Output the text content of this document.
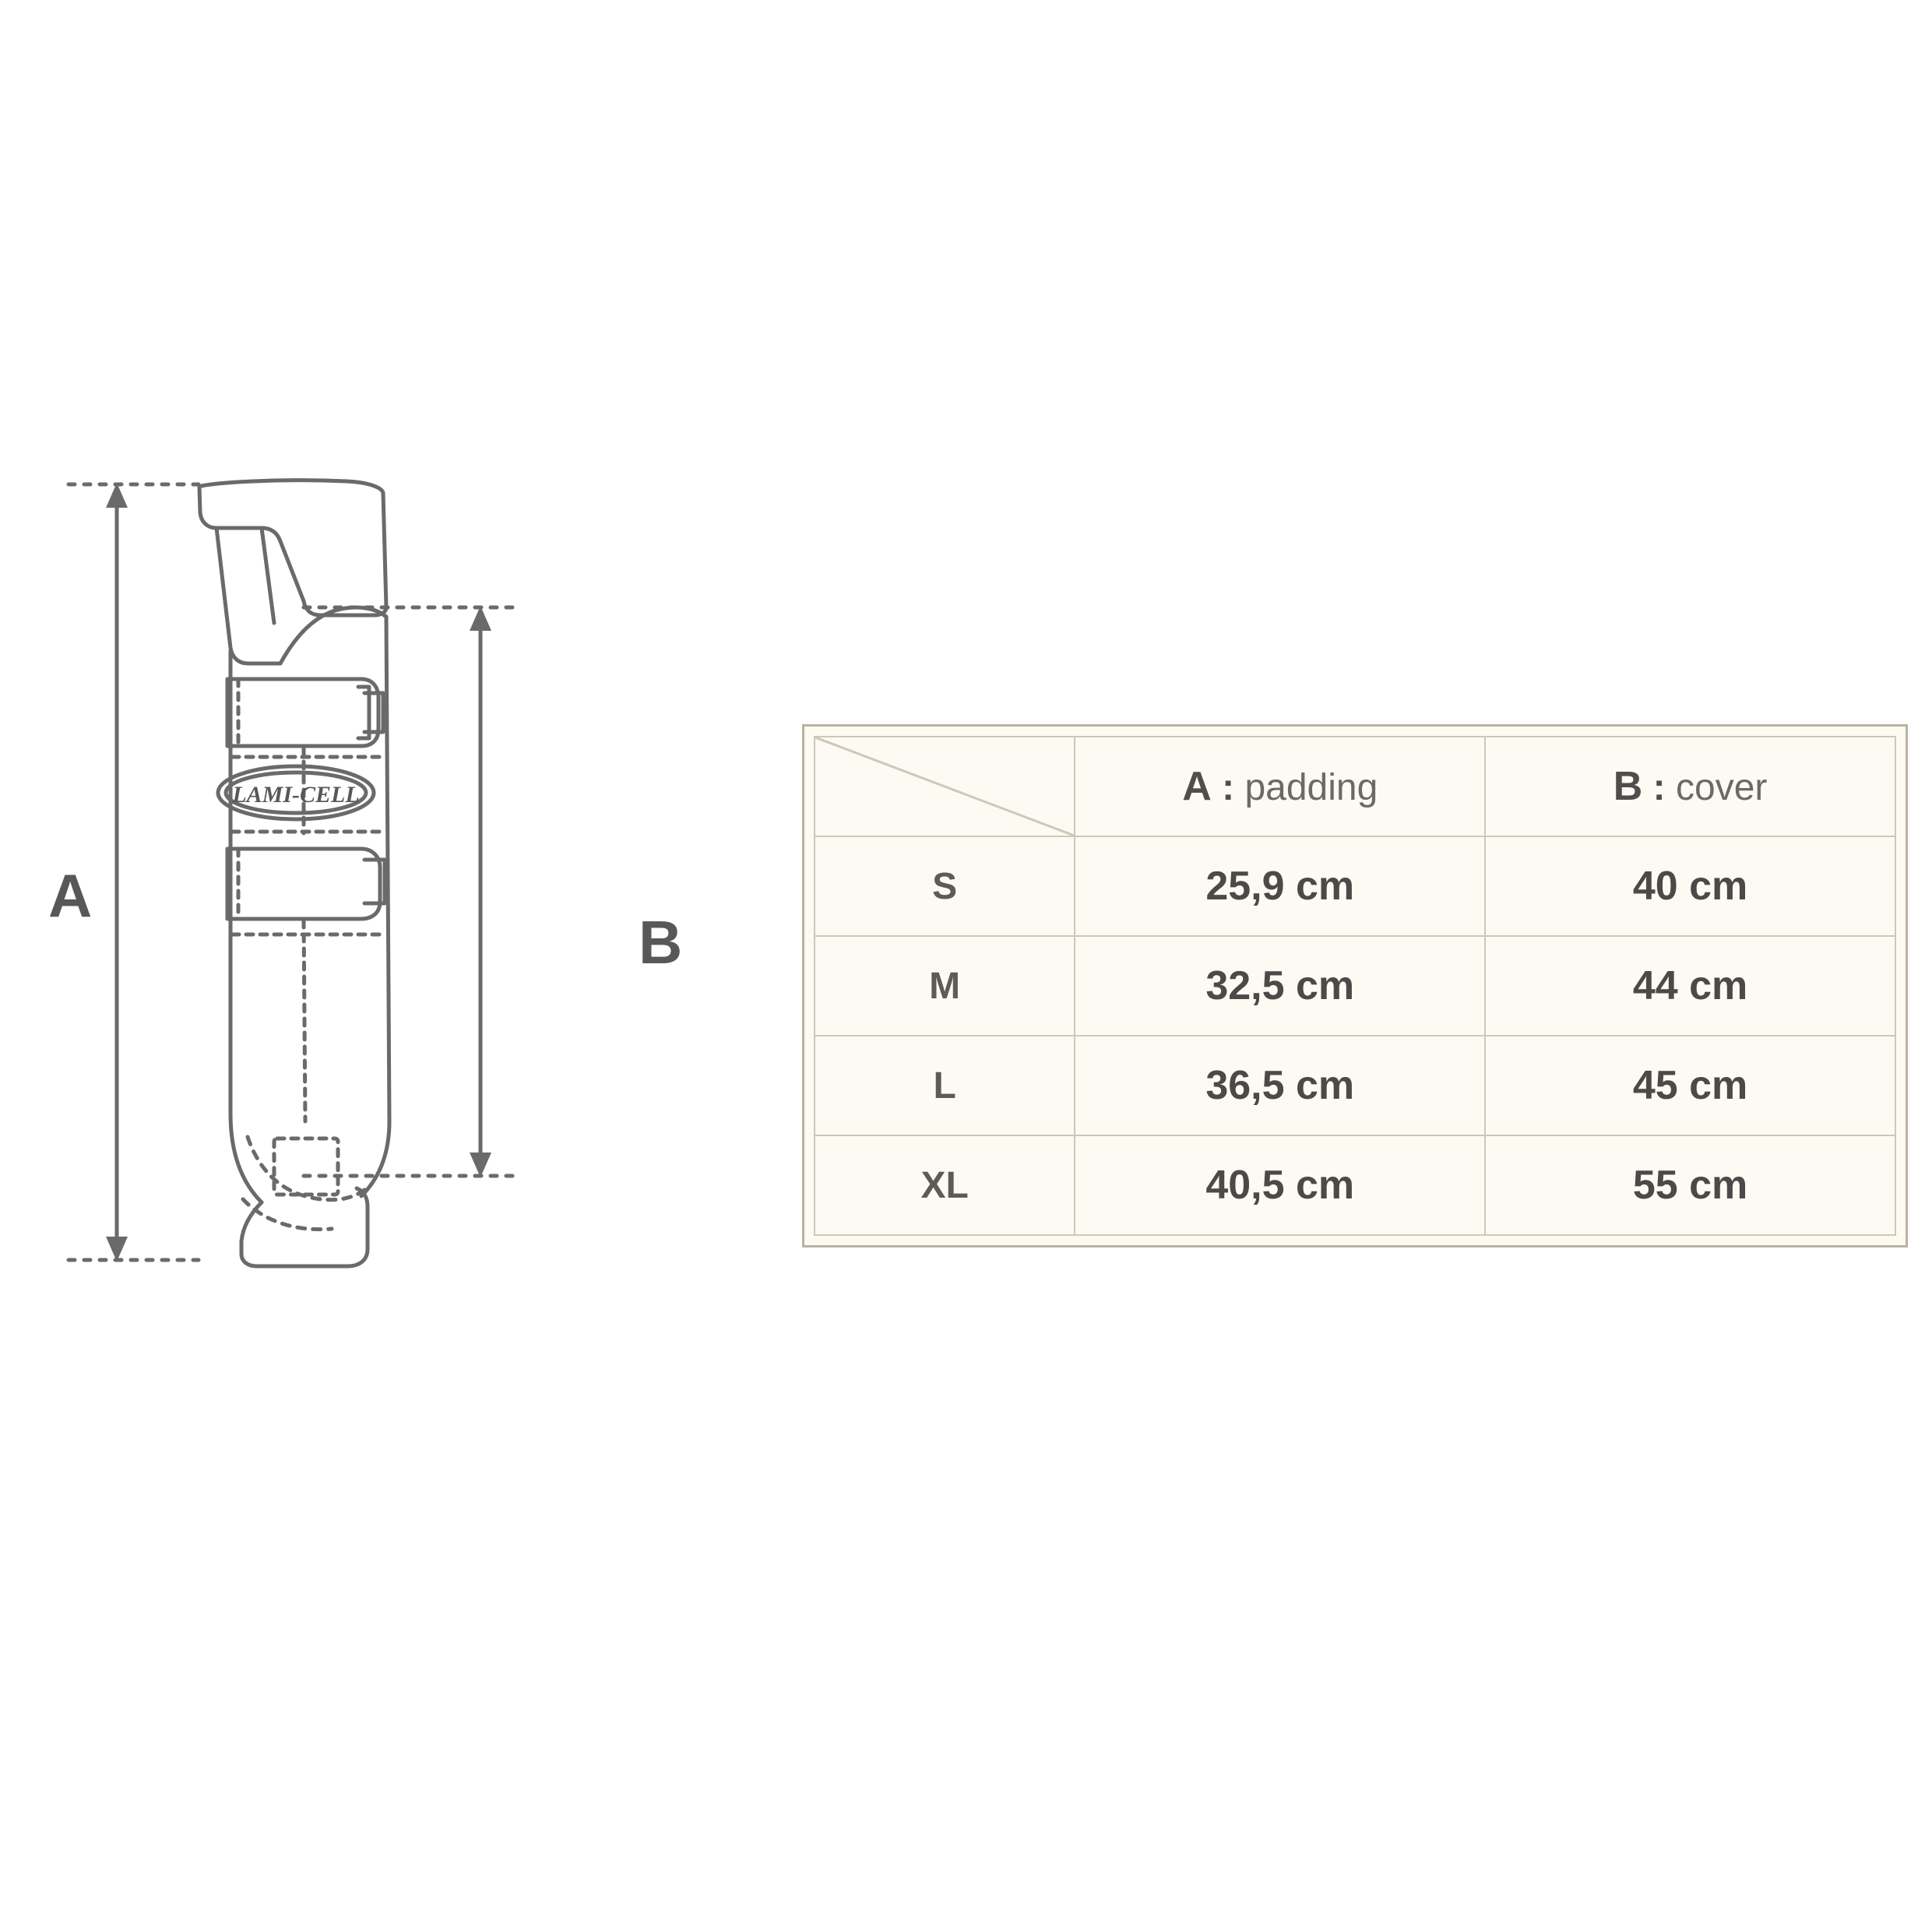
A
B
LAMI-CELL
		A : padding	B : cover
S	25,9 cm	40 cm
M	32,5 cm	44 cm
L	36,5 cm	45 cm
XL	40,5 cm	55 cm
